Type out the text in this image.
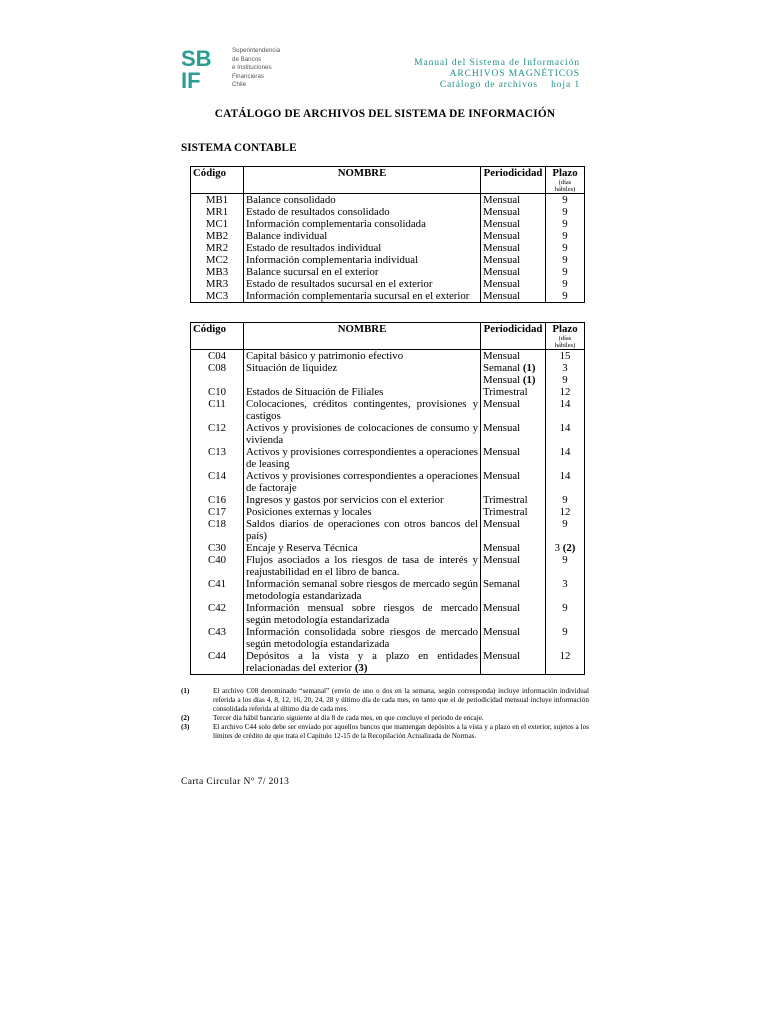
SB
IF
Superintendencia
de Bancos
e Instituciones
Financieras
Chile
Manual del Sistema de Información
ARCHIVOS MAGNÉTICOS
Catálogo de archivos    hoja 1
CATÁLOGO DE ARCHIVOS DEL SISTEMA DE INFORMACIÓN
SISTEMA CONTABLE
Código	NOMBRE	Periodicidad	Plazo
(días
hábiles)

MB1	Balance consolidado	Mensual	9
MR1	Estado de resultados consolidado	Mensual	9
MC1	Información complementaria consolidada	Mensual	9
MB2	Balance individual	Mensual	9
MR2	Estado de resultados individual	Mensual	9
MC2	Información complementaria individual	Mensual	9
MB3	Balance sucursal en el exterior	Mensual	9
MR3	Estado de resultados sucursal en el exterior	Mensual	9
MC3	Información complementaria sucursal en el exterior	Mensual	9
Código	NOMBRE	Periodicidad	Plazo
(días
hábiles)

C04	Capital básico y patrimonio efectivo	Mensual	15
C08	Situación de liquidez	Semanal (1)	3
		Mensual (1)	9
C10	Estados de Situación de Filiales	Trimestral	12
C11	Colocaciones, créditos contingentes, provisiones y castigos	Mensual	14
C12	Activos y provisiones de colocaciones de consumo y vivienda	Mensual	14
C13	Activos y provisiones correspondientes a operaciones de leasing	Mensual	14
C14	Activos y provisiones correspondientes a operaciones de factoraje	Mensual	14
C16	Ingresos y gastos por servicios con el exterior	Trimestral	9
C17	Posiciones externas y locales	Trimestral	12
C18	Saldos diarios de operaciones con otros bancos del país)	Mensual	9
C30	Encaje y Reserva Técnica	Mensual	3 (2)
C40	Flujos asociados a los riesgos de tasa de interés y reajustabilidad en el libro de banca.	Mensual	9
C41	Información semanal sobre riesgos de mercado según metodología estandarizada	Semanal	3
C42	Información mensual sobre riesgos de mercado según metodología estandarizada	Mensual	9
C43	Información consolidada sobre riesgos de mercado según metodología estandarizada	Mensual	9
C44	Depósitos a la vista y a plazo en entidades relacionadas del exterior (3)	Mensual	12
(1)	El archivo C08 denominado “semanal” (envío de uno o dos en la semana, según corresponda) incluye información individual referida a los días 4, 8, 12, 16, 20, 24, 28 y último día de cada mes, en tanto que el de periodicidad mensual incluye información consolidada referida al último día de cada mes.
(2)	Tercer día hábil bancario siguiente al día 8 de cada mes, en que concluye el periodo de encaje.
(3)	El archivo C44 solo debe ser enviado por aquellos bancos que mantengan depósitos a la vista y a plazo en el exterior, sujetos a los límites de crédito de que trata el Capítulo 12-15 de la Recopilación Actualizada de Normas.
Carta Circular N° 7/ 2013
